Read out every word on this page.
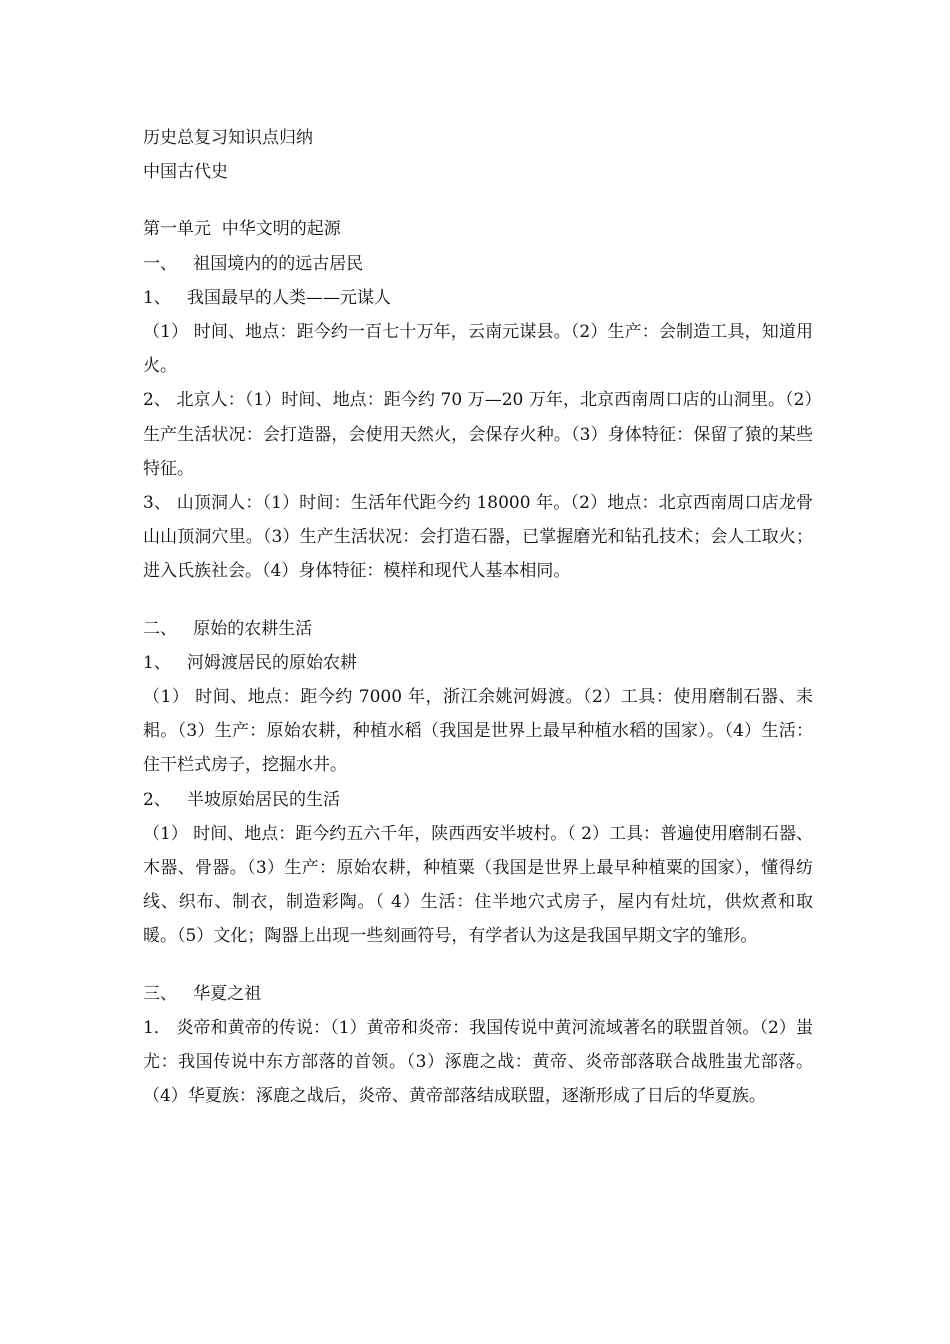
历史总复习知识点归纳
中国古代史
第一单元  中华文明的起源
一、   祖国境内的的远古居民
1、   我国最早的人类——元谋人
（1） 时间、地点：距今约一百七十万年，云南元谋县。（2）生产：会制造工具，知道用火。
2、 北京人：（1）时间、地点：距今约 70 万—20 万年，北京西南周口店的山洞里。（2）生产生活状况：会打造器，会使用天然火，会保存火种。（3）身体特征：保留了猿的某些特征。
3、 山顶洞人：（1）时间：生活年代距今约 18000 年。（2）地点：北京西南周口店龙骨山山顶洞穴里。（3）生产生活状况：会打造石器，已掌握磨光和钻孔技术；会人工取火；进入氏族社会。（4）身体特征：模样和现代人基本相同。
二、   原始的农耕生活
1、   河姆渡居民的原始农耕
（1） 时间、地点：距今约 7000 年，浙江余姚河姆渡。（2）工具：使用磨制石器、耒耜。（3）生产：原始农耕，种植水稻（我国是世界上最早种植水稻的国家）。（4）生活：住干栏式房子，挖掘水井。
2、   半坡原始居民的生活
（1） 时间、地点：距今约五六千年，陕西西安半坡村。（ 2）工具：普遍使用磨制石器、木器、骨器。（3）生产：原始农耕，种植粟（我国是世界上最早种植粟的国家），懂得纺线、织布、制衣，制造彩陶。（ 4）生活：住半地穴式房子，屋内有灶坑，供炊煮和取暖。（5）文化；陶器上出现一些刻画符号，有学者认为这是我国早期文字的雏形。
三、   华夏之祖
1． 炎帝和黄帝的传说：（1）黄帝和炎帝：我国传说中黄河流域著名的联盟首领。（2）蚩尤：我国传说中东方部落的首领。（3）涿鹿之战：黄帝、炎帝部落联合战胜蚩尤部落。（4）华夏族：涿鹿之战后，炎帝、黄帝部落结成联盟，逐渐形成了日后的华夏族。
